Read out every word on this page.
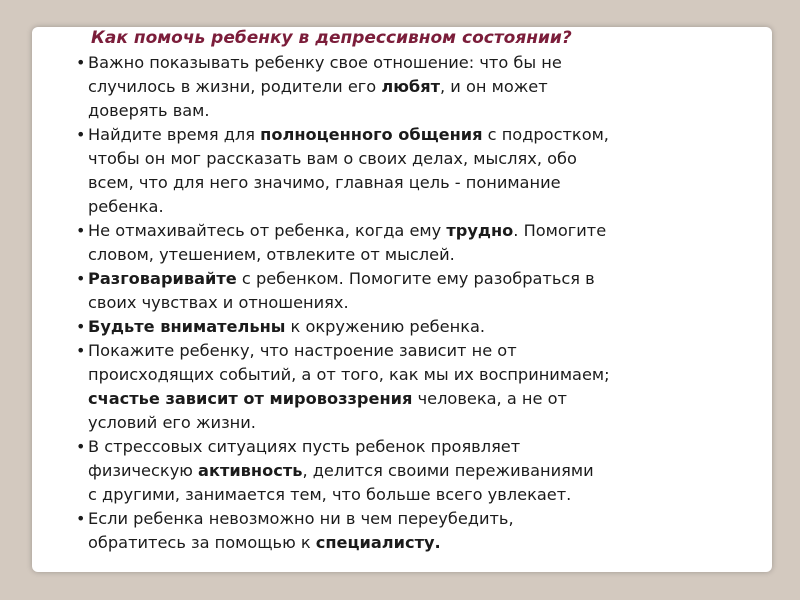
Как помочь ребенку в депрессивном состоянии?
• Важно показывать ребенку свое отношение: что бы не
случилось в жизни, родители его любят, и он может
доверять вам.
• Найдите время для полноценного общения с подростком,
чтобы он мог рассказать вам о своих делах, мыслях, обо
всем, что для него значимо, главная цель - понимание
ребенка.
• Не отмахивайтесь от ребенка, когда ему трудно. Помогите
словом, утешением, отвлеките от мыслей.
• Разговаривайте с ребенком. Помогите ему разобраться в
своих чувствах и отношениях.
• Будьте внимательны к окружению ребенка.
• Покажите ребенку, что настроение зависит не от
происходящих событий, а от того, как мы их воспринимаем;
счастье зависит от мировоззрения человека, а не от
условий его жизни.
• В стрессовых ситуациях пусть ребенок проявляет
физическую активность, делится своими переживаниями
с другими, занимается тем, что больше всего увлекает.
• Если ребенка невозможно ни в чем переубедить,
обратитесь за помощью к специалисту.
